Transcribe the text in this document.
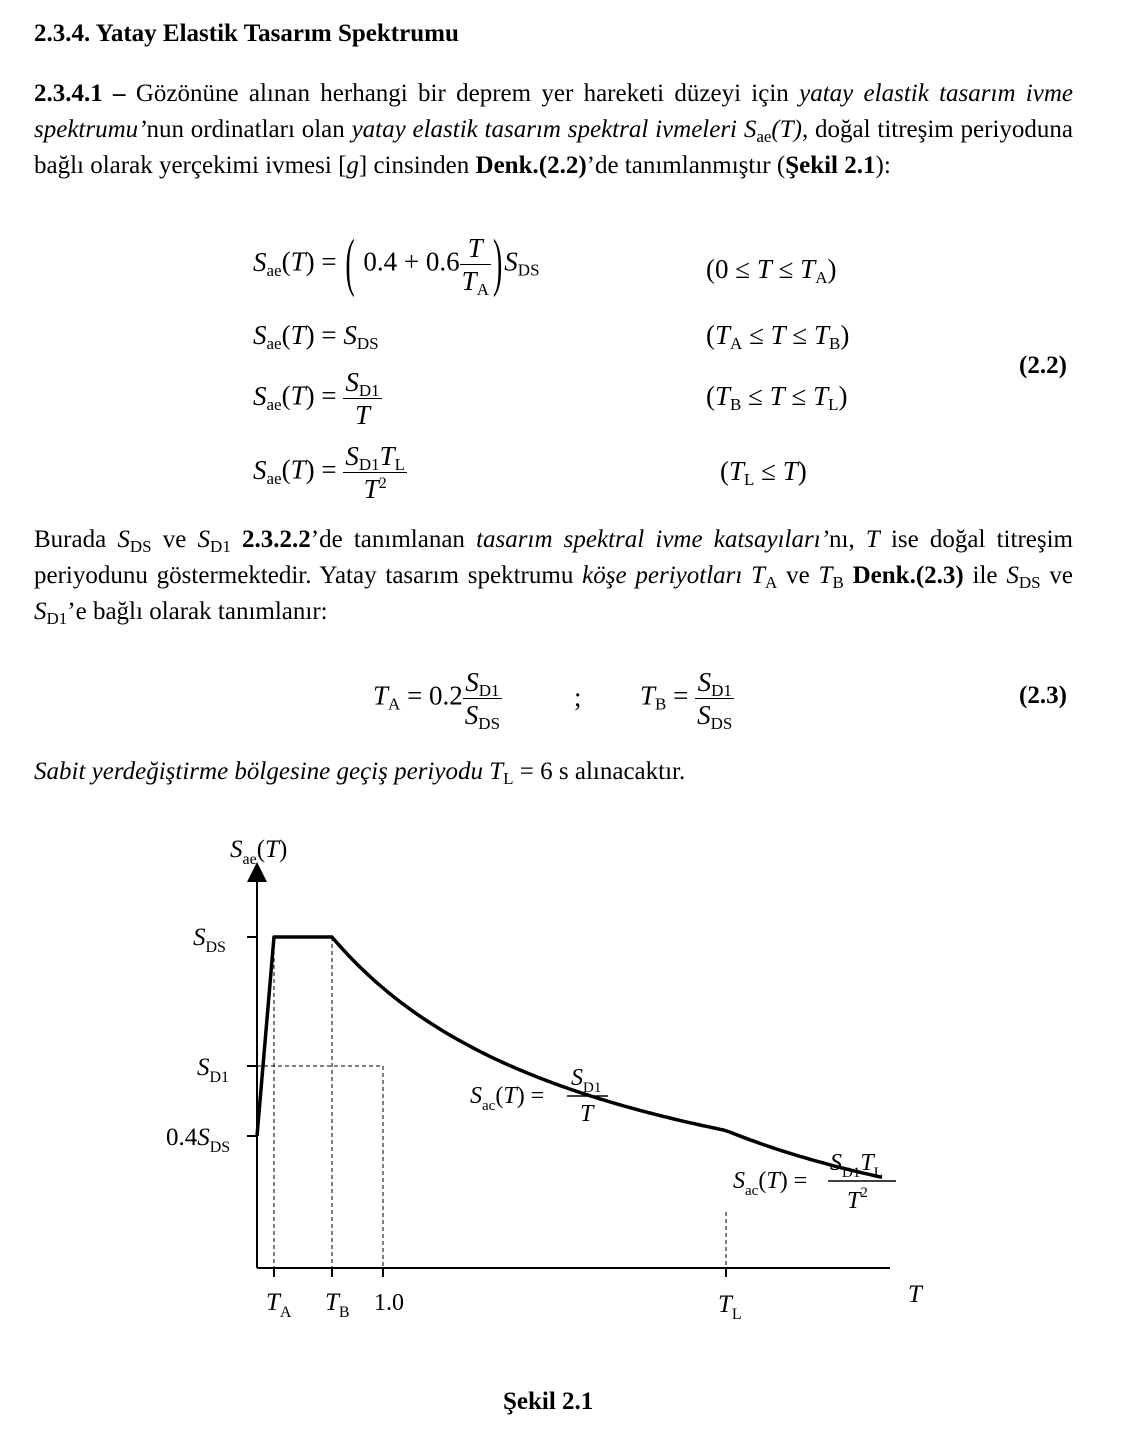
2.3.4. Yatay Elastik Tasarım Spektrumu
2.3.4.1 – Gözönüne alınan herhangi bir deprem yer hareketi düzeyi için yatay elastik tasarım ivme spektrumu’nun ordinatları olan yatay elastik tasarım spektral ivmeleri $S_{ae}(T)$, doğal titreşim periyoduna bağlı olarak yerçekimi ivmesi [g] cinsinden Denk.(2.2)’de tanımlanmıştır (Şekil 2.1):
$S_{ae}(T)$ = ( $0.4 + 0.6 \frac{T}{T_A} )S_{DS}$	$(0 \le T \le T_A)$
$S_{ae}(T) = S_{DS}$	$(T_A \le T \le T_B)$
(2.2)
$S_{ae}(T) = \frac{S_{D1}}{T}$	$(T_B \le T \le T_L)$
$S_{ae}(T) = \frac{S_{D1}T_L}{T^2}$	$(T_L \le T)$
Burada $S_{DS}$ ve $S_{D1}$ 2.3.2.2’de tanımlanan tasarım spektral ivme katsayıları’nı, T ise doğal titreşim periyodunu göstermektedir. Yatay tasarım spektrumu köşe periyotları $T_A$ ve $T_B$ Denk.(2.3) ile $S_{DS}$ ve $S_{D1}’e$ bağlı olarak tanımlanır:
$T_A = 0.2 \frac{S_{D1}}{S_{DS}}$	; $T_B = \frac{S_{D1}}{S_{DS}}$	(2.3)
Sabit yerdeğiştirme bölgesine geçiş periyodu $T_L = 6$ s alınacaktır.
$S_{ae}(T)$
T
$S_{DS}$
$S_{D1}$
$0.4S_{DS}$
$T_A$ $T_B$ 1.0	$T_L$
$S_{ac}(T)$ =
$S_{D1}$
T
$S_{ac}(T)$ =
$S_{D1}T_L$
$T^2$
Şekil 2.1
